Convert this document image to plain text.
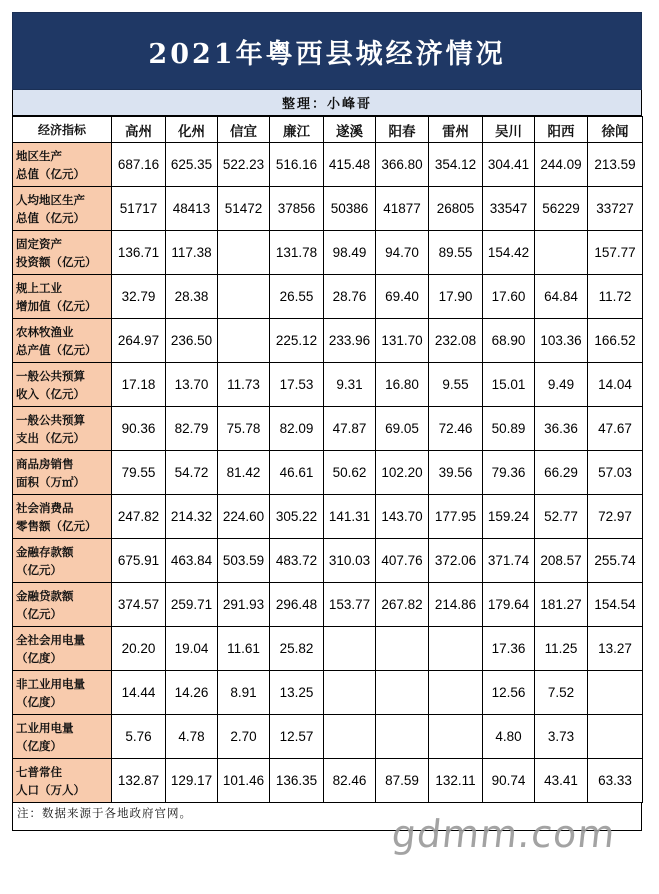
2021年粤西县城经济情况
整理：小峰哥
经济指标	高州	化州	信宜	廉江	遂溪	阳春	雷州	吴川	阳西	徐闻

地区生产
总值（亿元）	687.16	625.35	522.23	516.16	415.48	366.80	354.12	304.41	244.09	213.59

人均地区生产
总值（亿元）	51717	48413	51472	37856	50386	41877	26805	33547	56229	33727

固定资产
投资额（亿元）	136.71	117.38		131.78	98.49	94.70	89.55	154.42		157.77

规上工业
增加值（亿元）	32.79	28.38		26.55	28.76	69.40	17.90	17.60	64.84	11.72

农林牧渔业
总产值（亿元）	264.97	236.50		225.12	233.96	131.70	232.08	68.90	103.36	166.52

一般公共预算
收入（亿元）	17.18	13.70	11.73	17.53	9.31	16.80	9.55	15.01	9.49	14.04

一般公共预算
支出（亿元）	90.36	82.79	75.78	82.09	47.87	69.05	72.46	50.89	36.36	47.67

商品房销售
面积（万㎡）	79.55	54.72	81.42	46.61	50.62	102.20	39.56	79.36	66.29	57.03

社会消费品
零售额（亿元）	247.82	214.32	224.60	305.22	141.31	143.70	177.95	159.24	52.77	72.97

金融存款额
（亿元）	675.91	463.84	503.59	483.72	310.03	407.76	372.06	371.74	208.57	255.74

金融贷款额
（亿元）	374.57	259.71	291.93	296.48	153.77	267.82	214.86	179.64	181.27	154.54

全社会用电量
（亿度）	20.20	19.04	11.61	25.82				17.36	11.25	13.27

非工业用电量
（亿度）	14.44	14.26	8.91	13.25				12.56	7.52	

工业用电量
（亿度）	5.76	4.78	2.70	12.57				4.80	3.73	

七普常住
人口（万人）	132.87	129.17	101.46	136.35	82.46	87.59	132.11	90.74	43.41	63.33
注：数据来源于各地政府官网。	gdmm.com
